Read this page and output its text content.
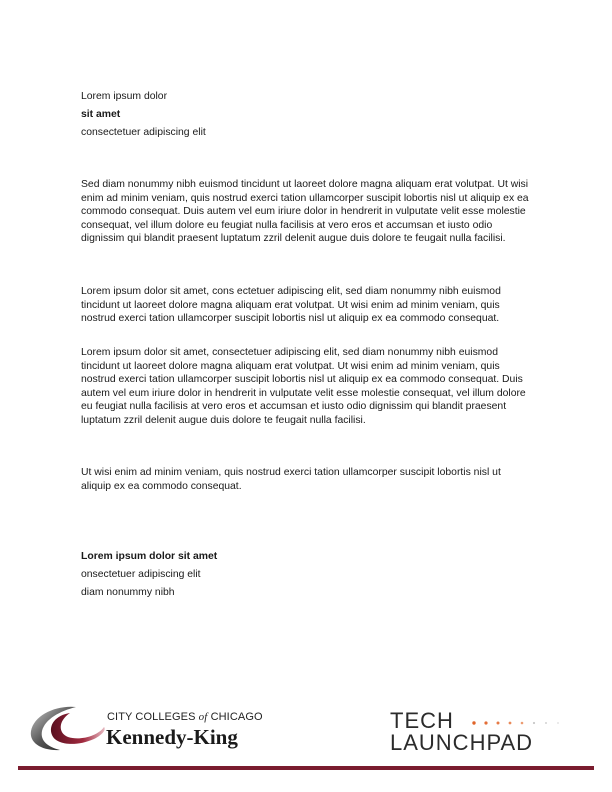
Lorem ipsum dolor
sit amet
consectetuer adipiscing elit

Sed diam nonummy nibh euismod tincidunt ut laoreet dolore magna aliquam erat volutpat. Ut wisi enim ad minim veniam, quis nostrud exerci tation ullamcorper suscipit lobortis nisl ut aliquip ex ea commodo consequat. Duis autem vel eum iriure dolor in hendrerit in vulputate velit esse molestie consequat, vel illum dolore eu feugiat nulla facilisis at vero eros et accumsan et iusto odio dignissim qui blandit praesent luptatum zzril delenit augue duis dolore te feugait nulla facilisi.

Lorem ipsum dolor sit amet, cons ectetuer adipiscing elit, sed diam nonummy nibh euismod tincidunt ut laoreet dolore magna aliquam erat volutpat. Ut wisi enim ad minim veniam, quis nostrud exerci tation ullamcorper suscipit lobortis nisl ut aliquip ex ea commodo consequat.

Lorem ipsum dolor sit amet, consectetuer adipiscing elit, sed diam nonummy nibh euismod tincidunt ut laoreet dolore magna aliquam erat volutpat. Ut wisi enim ad minim veniam, quis nostrud exerci tation ullamcorper suscipit lobortis nisl ut aliquip ex ea commodo consequat. Duis autem vel eum iriure dolor in hendrerit in vulputate velit esse molestie consequat, vel illum dolore eu feugiat nulla facilisis at vero eros et accumsan et iusto odio dignissim qui blandit praesent luptatum zzril delenit augue duis dolore te feugait nulla facilisi.

Ut wisi enim ad minim veniam, quis nostrud exerci tation ullamcorper suscipit lobortis nisl ut aliquip ex ea commodo consequat.

Lorem ipsum dolor sit amet
onsectetuer adipiscing elit
diam nonummy nibh
CITY COLLEGES of CHICAGO
Kennedy-King
TECH
LAUNCHPAD
